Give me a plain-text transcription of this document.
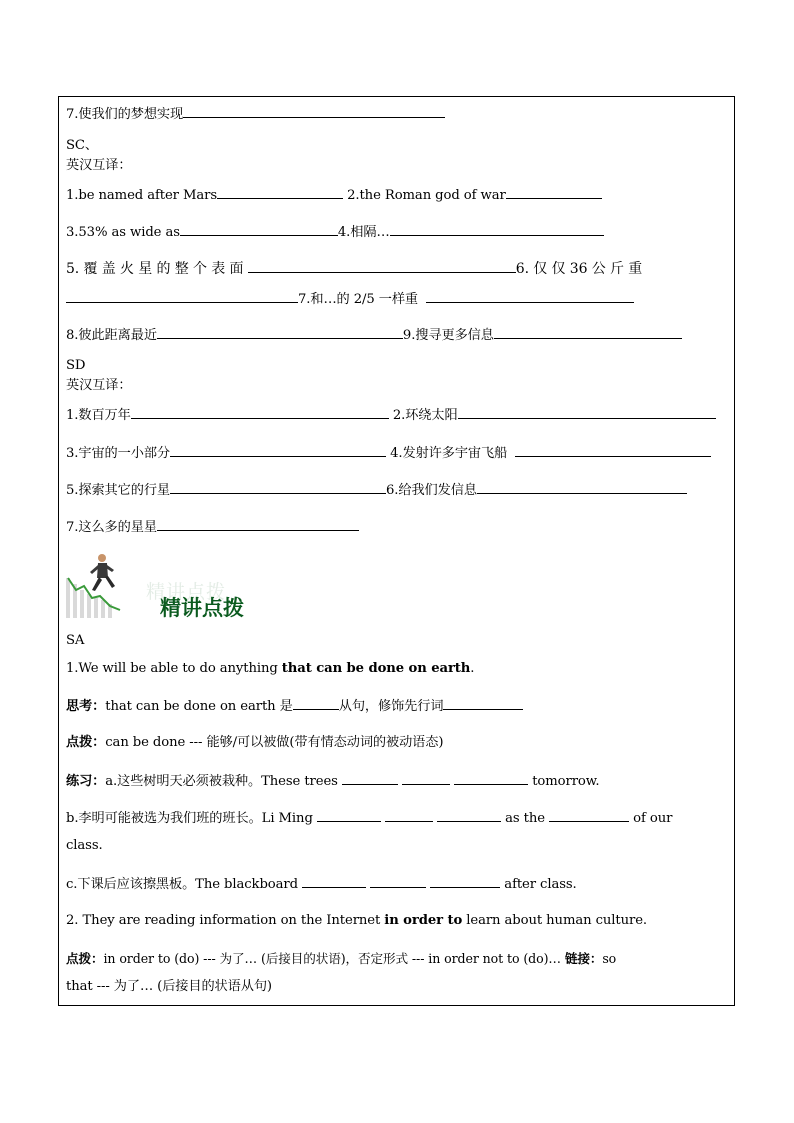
7.使我们的梦想实现
SC、
英汉互译：
1.be named after Mars	2.the Roman god of war
3.53% as wide as	4.相隔…
5. 覆 盖 火 星 的 整 个 表 面	6. 仅 仅 36 公 斤 重
7.和…的 2/5 一样重
8.彼此距离最近	9.搜寻更多信息
SD
英汉互译：
1.数百万年	2.环绕太阳
3.宇宙的一小部分	4.发射许多宇宙飞船
5.探索其它的行星	6.给我们发信息
7.这么多的星星
精讲点拨
精讲点拨
SA
1.We will be able to do anything that can be done on earth.
思考：that can be done on earth 是	从句，修饰先行词
点拨：can be done --- 能够/可以被做(带有情态动词的被动语态)
练习：a.这些树明天必须被栽种。These trees	tomorrow.
b.李明可能被选为我们班的班长。Li Ming	as the	of our
class.
c.下课后应该擦黑板。The blackboard	after class.
2. They are reading information on the Internet in order to learn about human culture.
点拨：in order to (do) --- 为了… (后接目的状语)，否定形式 --- in order not to (do)… 链接：so
that --- 为了… (后接目的状语从句)
